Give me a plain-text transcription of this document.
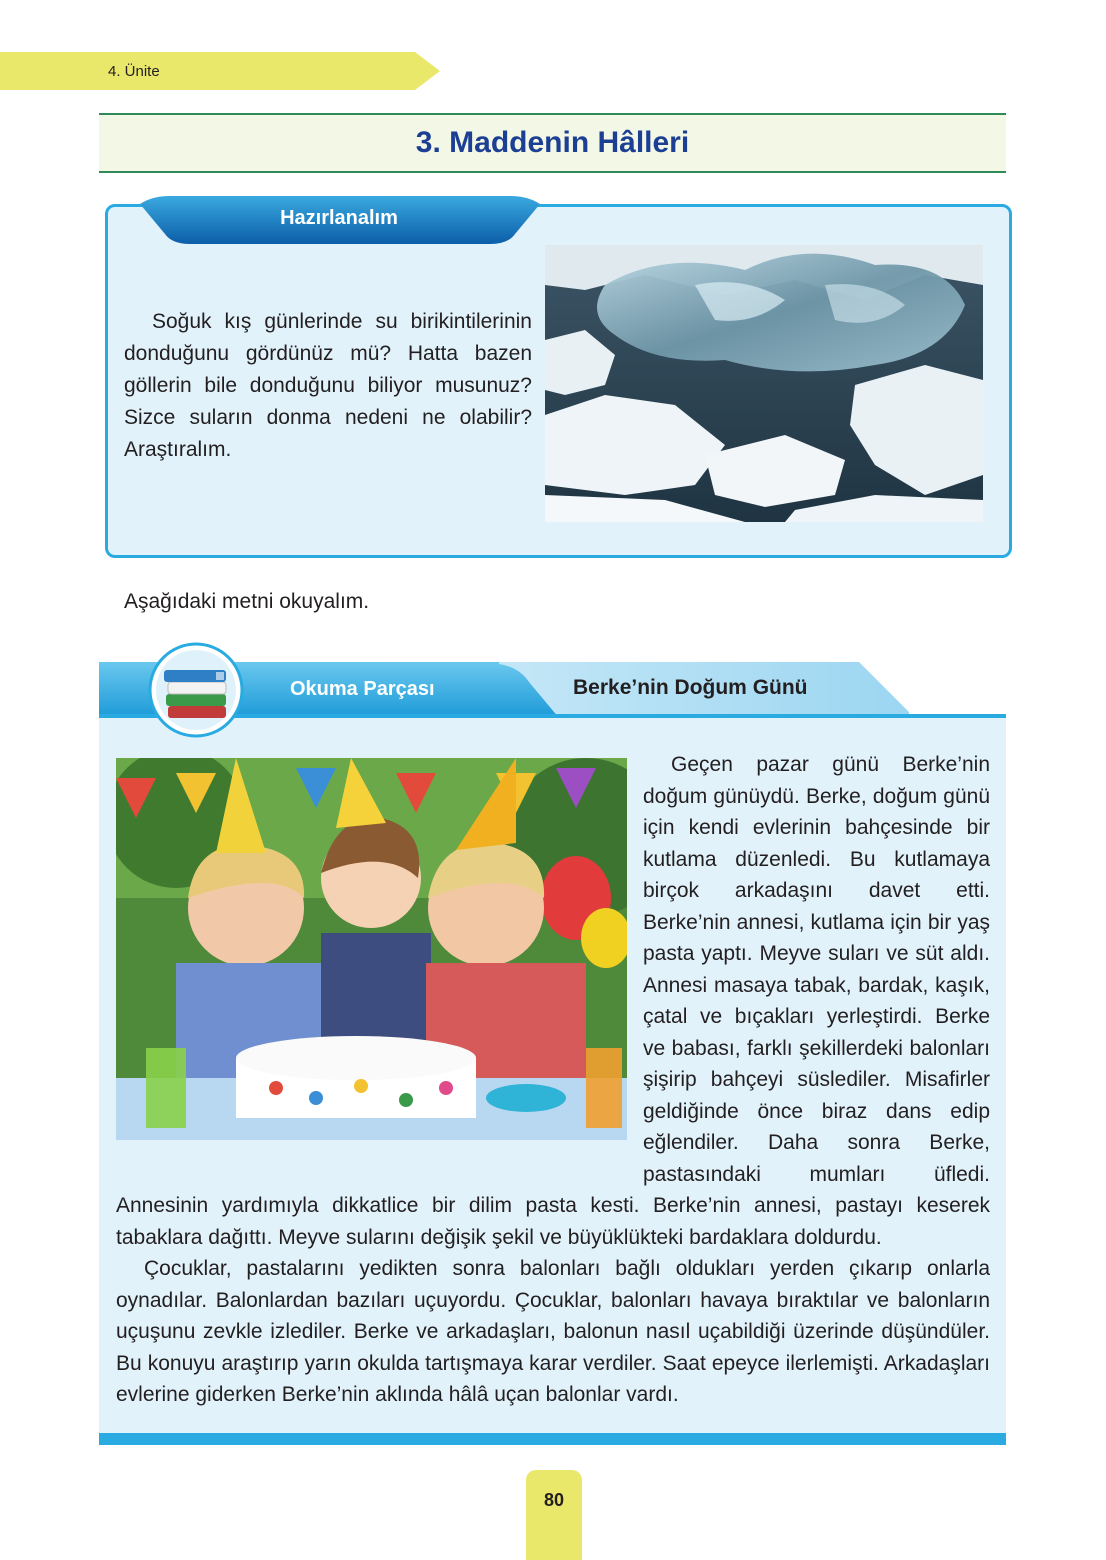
4. Ünite
3. Maddenin Hâlleri
Hazırlanalım

Soğuk kış günlerinde su birikintilerinin donduğunu gördünüz mü? Hatta bazen göllerin bile donduğunu biliyor musunuz? Sizce suların donma nedeni ne olabilir? Araştıralım.

Aşağıdaki metni okuyalım.
Okuma Parçası	Berke’nin Doğum Günü

Geçen pazar günü Berke’nin doğum günüydü. Berke, doğum günü için kendi evlerinin bahçesinde bir kutlama düzenledi. Bu kutlamaya birçok arkadaşını davet etti. Berke’nin annesi, kutlama için bir yaş pasta yaptı. Meyve suları ve süt aldı. Annesi masaya tabak, bardak, kaşık, çatal ve bıçakları yerleştirdi. Berke ve babası, farklı şekillerdeki balonları şişirip bahçeyi süslediler. Misafirler geldiğinde önce biraz dans edip eğlendiler. Daha sonra Berke, pastasındaki mumları üfledi. Annesinin yardımıyla dikkatlice bir dilim pasta kesti. Berke’nin annesi, pastayı keserek tabaklara dağıttı. Meyve sularını değişik şekil ve büyüklükteki bardaklara doldurdu.

Çocuklar, pastalarını yedikten sonra balonları bağlı oldukları yerden çıkarıp onlarla oynadılar. Balonlardan bazıları uçuyordu. Çocuklar, balonları havaya bıraktılar ve balonların uçuşunu zevkle izlediler. Berke ve arkadaşları, balonun nasıl uçabildiği üzerinde düşündüler. Bu konuyu araştırıp yarın okulda tartışmaya karar verdiler. Saat epeyce ilerlemişti. Arkadaşları evlerine giderken Berke’nin aklında hâlâ uçan balonlar vardı.

80
